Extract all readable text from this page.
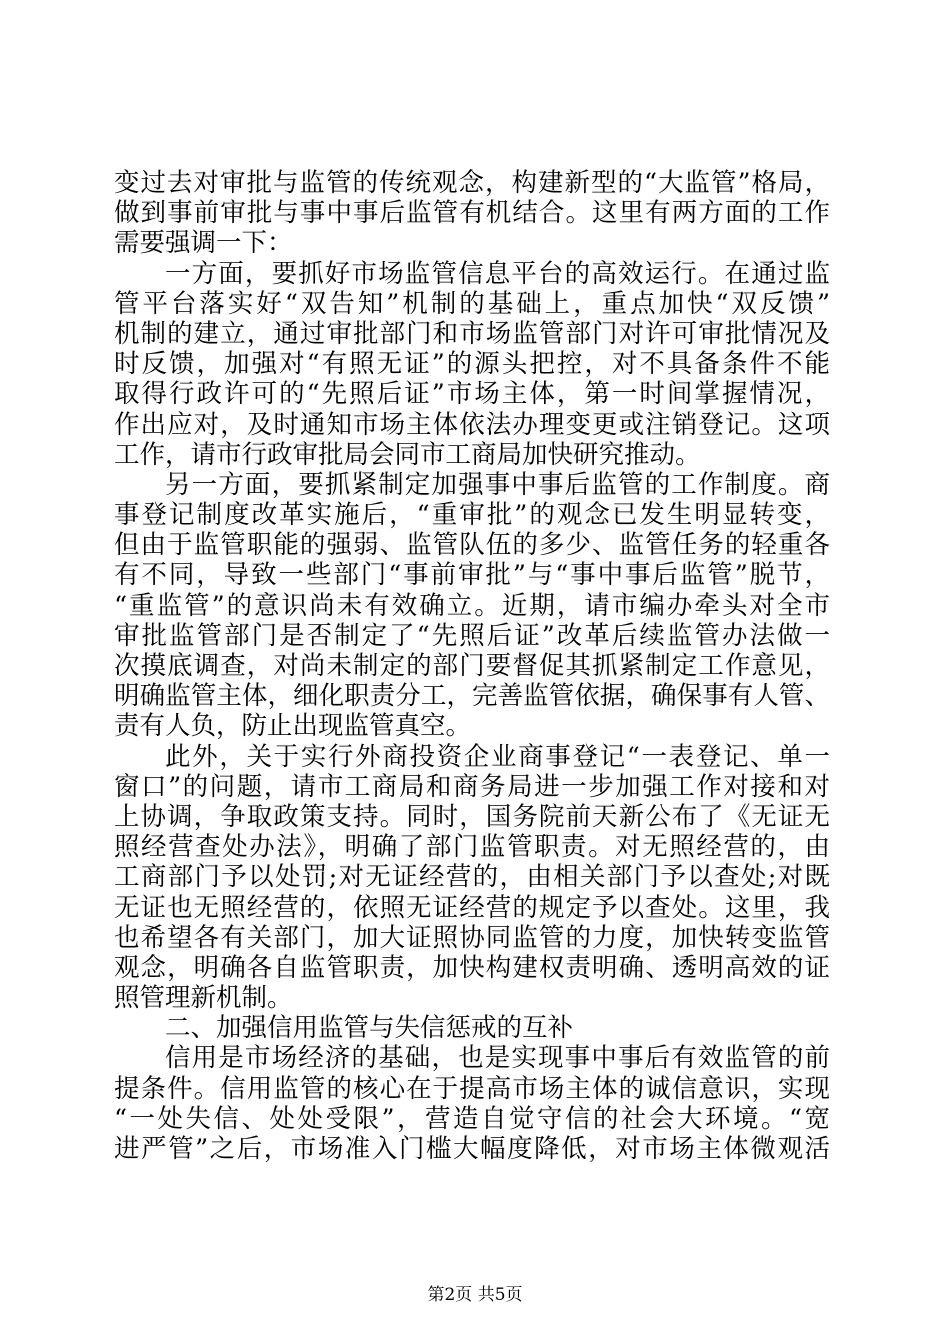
变过去对审批与监管的传统观念，构建新型的“大监管”格局，
做到事前审批与事中事后监管有机结合。这里有两方面的工作
需要强调一下：
一方面，要抓好市场监管信息平台的高效运行。在通过监
管平台落实好“双告知”机制的基础上，重点加快“双反馈”
机制的建立，通过审批部门和市场监管部门对许可审批情况及
时反馈，加强对“有照无证”的源头把控，对不具备条件不能
取得行政许可的“先照后证”市场主体，第一时间掌握情况，
作出应对，及时通知市场主体依法办理变更或注销登记。这项
工作，请市行政审批局会同市工商局加快研究推动。
另一方面，要抓紧制定加强事中事后监管的工作制度。商
事登记制度改革实施后，“重审批”的观念已发生明显转变，
但由于监管职能的强弱、监管队伍的多少、监管任务的轻重各
有不同，导致一些部门“事前审批”与“事中事后监管”脱节，
“重监管”的意识尚未有效确立。近期，请市编办牵头对全市
审批监管部门是否制定了“先照后证”改革后续监管办法做一
次摸底调查，对尚未制定的部门要督促其抓紧制定工作意见，
明确监管主体，细化职责分工，完善监管依据，确保事有人管、
责有人负，防止出现监管真空。
此外，关于实行外商投资企业商事登记“一表登记、单一
窗口”的问题，请市工商局和商务局进一步加强工作对接和对
上协调，争取政策支持。同时，国务院前天新公布了《无证无
照经营查处办法》，明确了部门监管职责。对无照经营的，由
工商部门予以处罚;对无证经营的，由相关部门予以查处;对既
无证也无照经营的，依照无证经营的规定予以查处。这里，我
也希望各有关部门，加大证照协同监管的力度，加快转变监管
观念，明确各自监管职责，加快构建权责明确、透明高效的证
照管理新机制。
二、加强信用监管与失信惩戒的互补
信用是市场经济的基础，也是实现事中事后有效监管的前
提条件。信用监管的核心在于提高市场主体的诚信意识，实现
“一处失信、处处受限”，营造自觉守信的社会大环境。“宽
进严管”之后，市场准入门槛大幅度降低，对市场主体微观活
第2页 共5页
